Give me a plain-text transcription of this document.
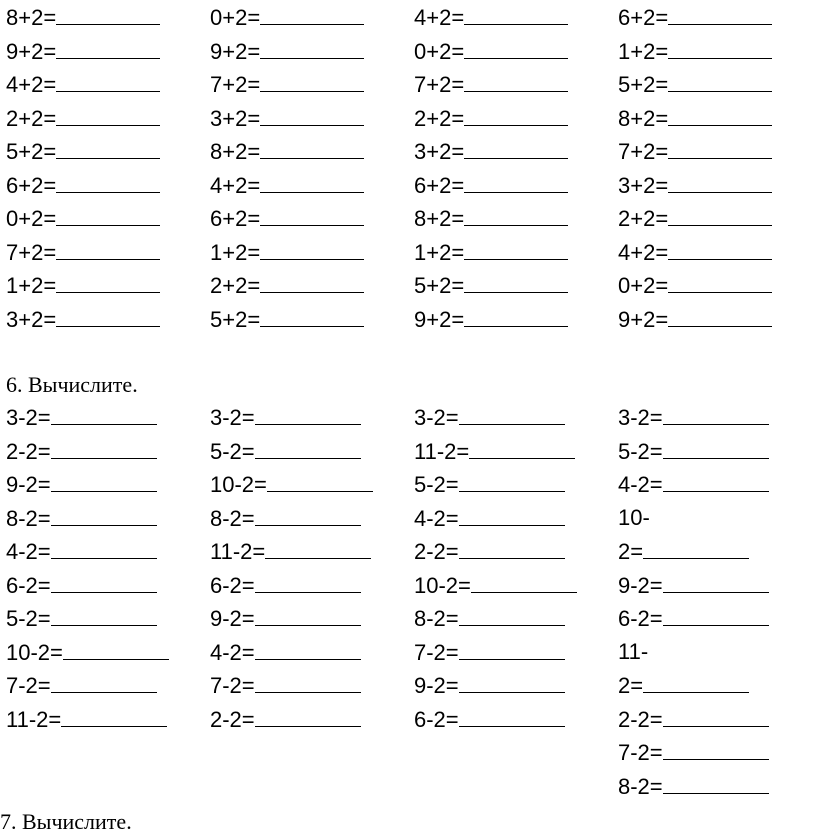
8+2=
9+2=
4+2=
2+2=
5+2=
6+2=
0+2=
7+2=
1+2=
3+2=
0+2=
9+2=
7+2=
3+2=
8+2=
4+2=
6+2=
1+2=
2+2=
5+2=
4+2=
0+2=
7+2=
2+2=
3+2=
6+2=
8+2=
1+2=
5+2=
9+2=
6+2=
1+2=
5+2=
8+2=
7+2=
3+2=
2+2=
4+2=
0+2=
9+2=
6. Вычислите.
3-2=
2-2=
9-2=
8-2=
4-2=
6-2=
5-2=
10-2=
7-2=
11-2=
3-2=
5-2=
10-2=
8-2=
11-2=
6-2=
9-2=
4-2=
7-2=
2-2=
3-2=
11-2=
5-2=
4-2=
2-2=
10-2=
8-2=
7-2=
9-2=
6-2=
3-2=
5-2=
4-2=
10-
2=
9-2=
6-2=
11-
2=
2-2=
7-2=
8-2=
7. Вычислите.
